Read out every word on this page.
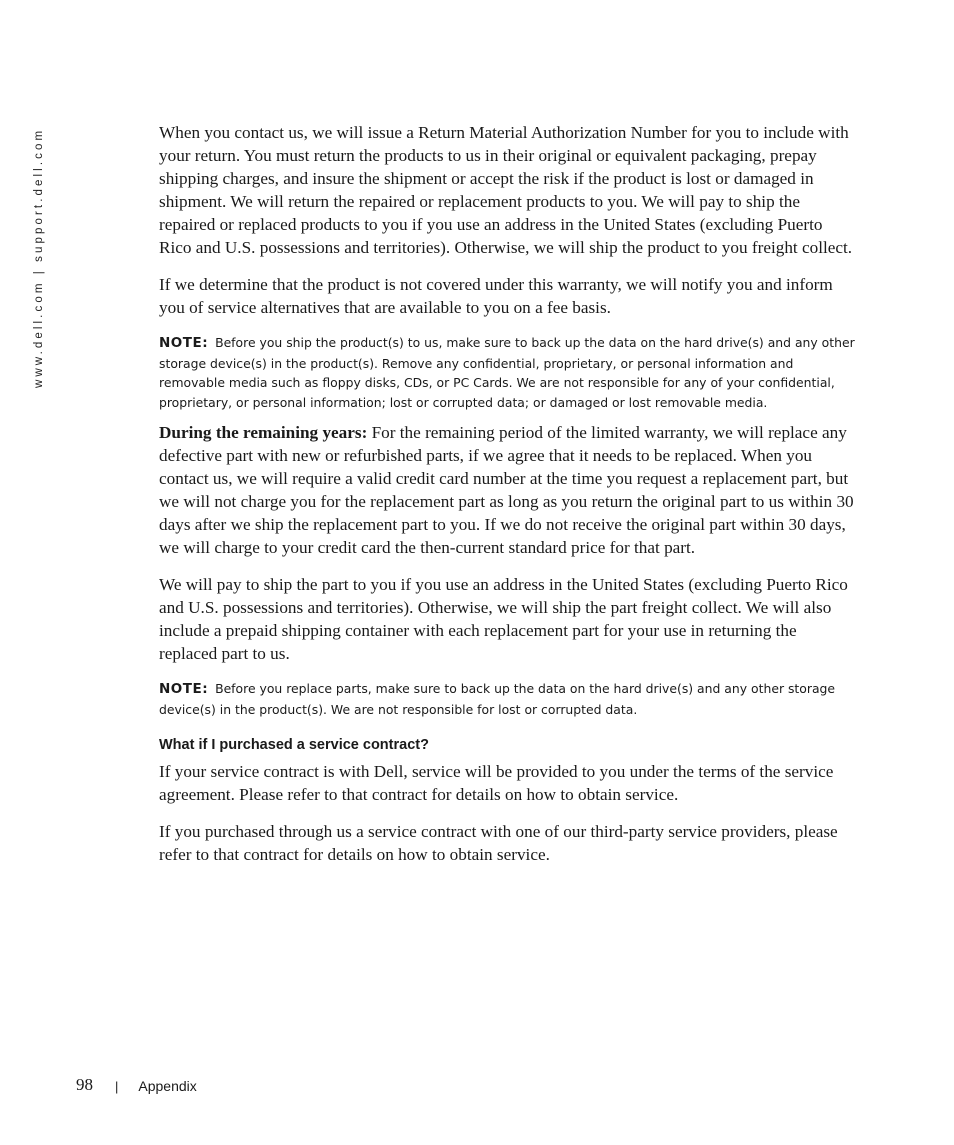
www.dell.com | support.dell.com	When you contact us, we will issue a Return Material Authorization Number for you to include with your return. You must return the products to us in their original or equivalent packaging, prepay shipping charges, and insure the shipment or accept the risk if the product is lost or damaged in shipment. We will return the repaired or replacement products to you. We will pay to ship the repaired or replaced products to you if you use an address in the United States (excluding Puerto Rico and U.S. possessions and territories). Otherwise, we will ship the product to you freight collect.

If we determine that the product is not covered under this warranty, we will notify you and inform you of service alternatives that are available to you on a fee basis.

NOTE: Before you ship the product(s) to us, make sure to back up the data on the hard drive(s) and any other storage device(s) in the product(s). Remove any confidential, proprietary, or personal information and removable media such as floppy disks, CDs, or PC Cards. We are not responsible for any of your confidential, proprietary, or personal information; lost or corrupted data; or damaged or lost removable media.

During the remaining years: For the remaining period of the limited warranty, we will replace any defective part with new or refurbished parts, if we agree that it needs to be replaced. When you contact us, we will require a valid credit card number at the time you request a replacement part, but we will not charge you for the replacement part as long as you return the original part to us within 30 days after we ship the replacement part to you. If we do not receive the original part within 30 days, we will charge to your credit card the then-current standard price for that part.

We will pay to ship the part to you if you use an address in the United States (excluding Puerto Rico and U.S. possessions and territories). Otherwise, we will ship the part freight collect. We will also include a prepaid shipping container with each replacement part for your use in returning the replaced part to us.

NOTE: Before you replace parts, make sure to back up the data on the hard drive(s) and any other storage device(s) in the product(s). We are not responsible for lost or corrupted data.
What if I purchased a service contract?

If your service contract is with Dell, service will be provided to you under the terms of the service agreement. Please refer to that contract for details on how to obtain service.

If you purchased through us a service contract with one of our third-party service providers, please refer to that contract for details on how to obtain service.

98 | Appendix
